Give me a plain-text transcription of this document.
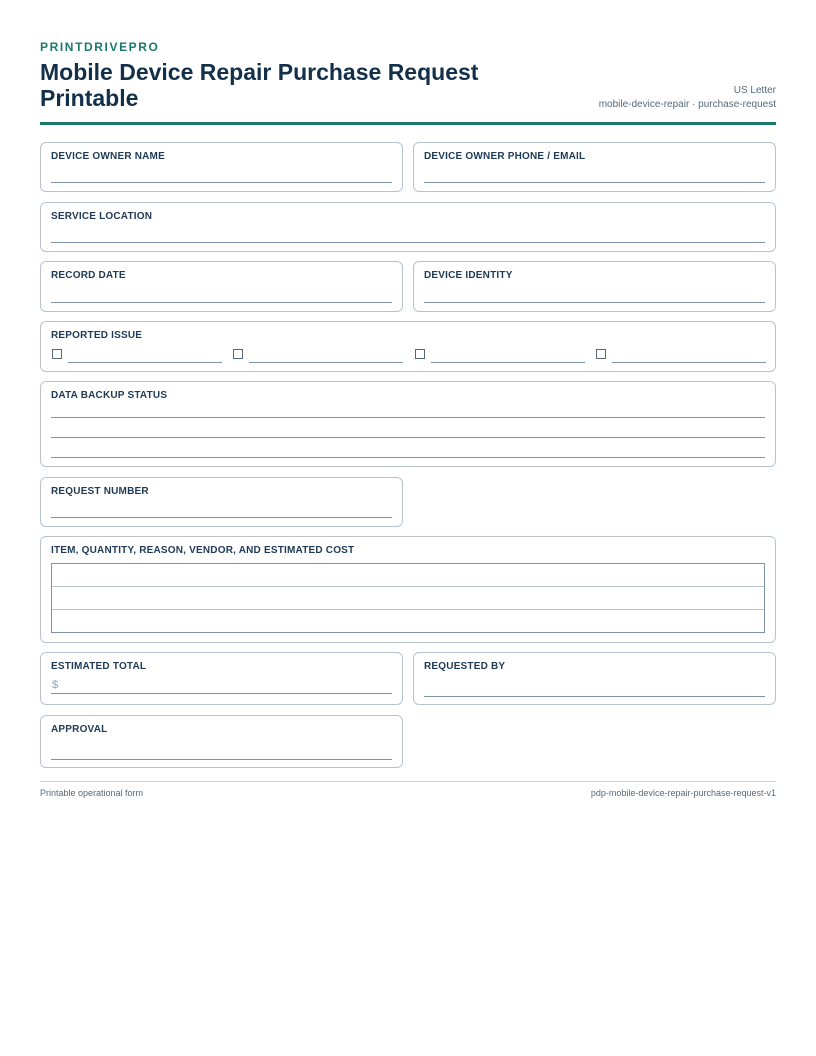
PRINTDRIVEPRO
Mobile Device Repair Purchase Request Printable	US Letter
mobile-device-repair · purchase-request
DEVICE OWNER NAME	DEVICE OWNER PHONE / EMAIL
SERVICE LOCATION
RECORD DATE	DEVICE IDENTITY
REPORTED ISSUE
DATA BACKUP STATUS
REQUEST NUMBER
ITEM, QUANTITY, REASON, VENDOR, AND ESTIMATED COST
ESTIMATED TOTAL
$
REQUESTED BY
APPROVAL
Printable operational form	pdp-mobile-device-repair-purchase-request-v1
